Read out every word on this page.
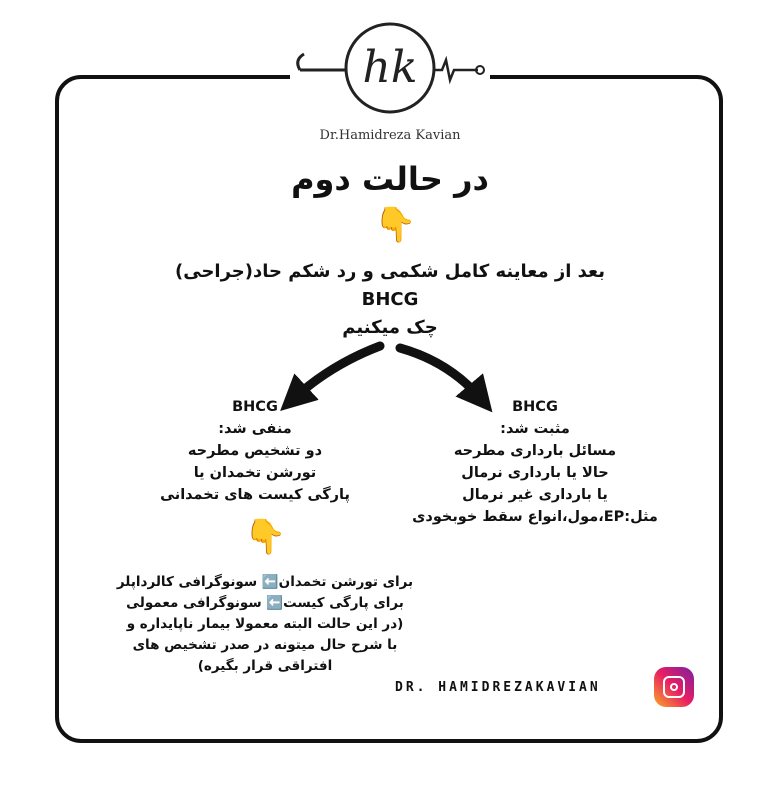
hk
Dr.Hamidreza Kavian
در حالت دوم
👇
بعد از معاینه کامل شکمی و رد شکم حاد(جراحی)
BHCG
چک میکنیم
BHCG
مثبت شد:
مسائل بارداری مطرحه
حالا یا بارداری نرمال
یا بارداری غیر نرمال
مثل:EP،مول،انواع سقط خوبخودی
BHCG
منفی شد:
دو تشخیص مطرحه
تورشن تخمدان یا
پارگی کیست های تخمدانی
👇
برای تورشن تخمدان⬅️ سونوگرافی کالرداپلر
برای پارگی کیست⬅️ سونوگرافی معمولی
(در این حالت البته معمولا بیمار ناپایداره و
با شرح حال میتونه در صدر تشخیص های
افتراقی قرار بگیره)
DR. HAMIDREZAKAVIAN
